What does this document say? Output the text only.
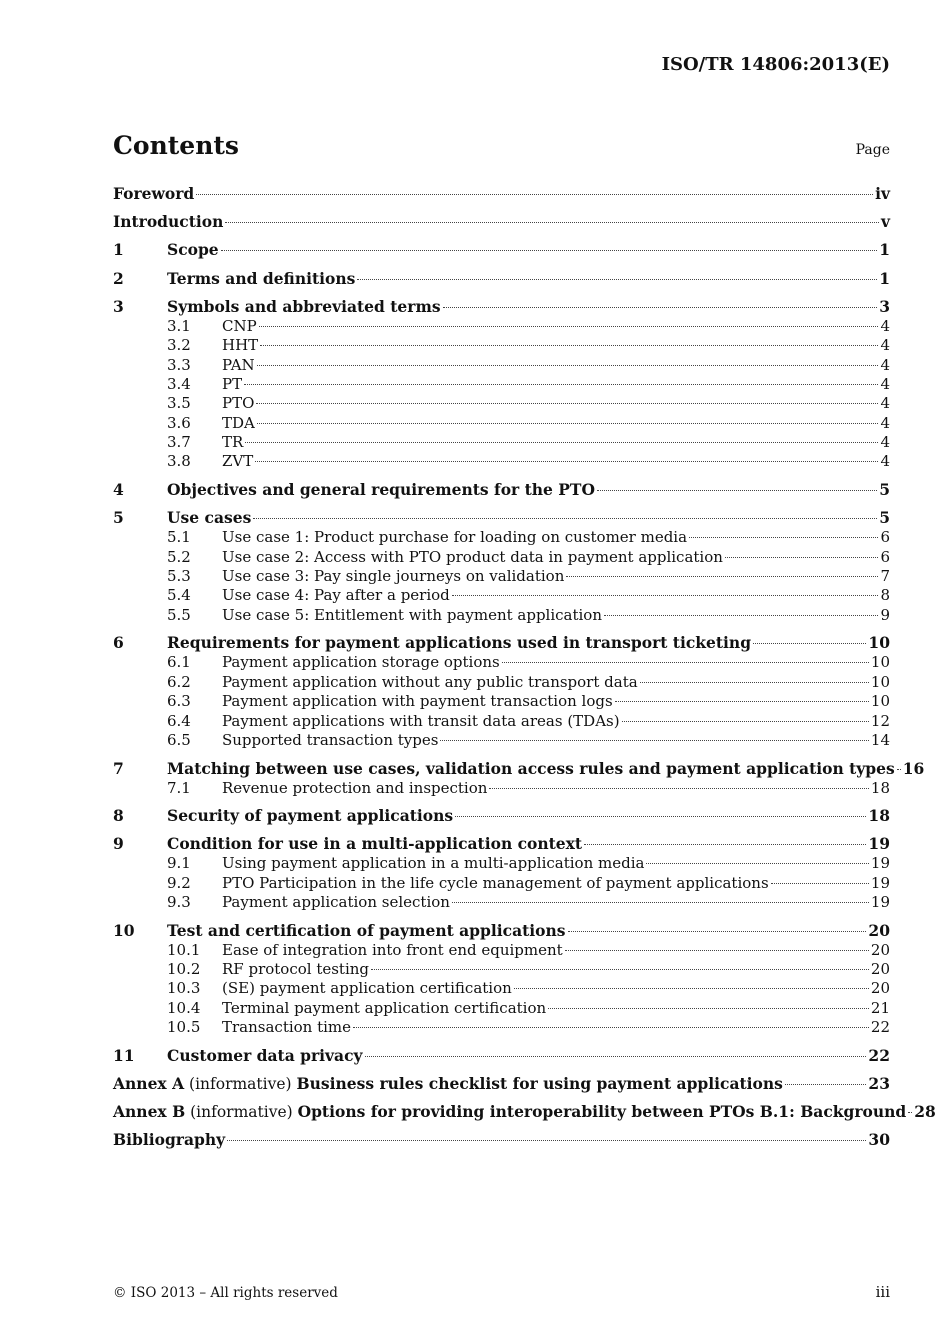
ISO/TR 14806:2013(E)
Contents	Page
Foreword	iv
Introduction	v
1	Scope	1
2	Terms and definitions	1
3	Symbols and abbreviated terms	3
3.1	CNP	4
3.2	HHT	4
3.3	PAN	4
3.4	PT	4
3.5	PTO	4
3.6	TDA	4
3.7	TR	4
3.8	ZVT	4
4	Objectives and general requirements for the PTO	5
5	Use cases	5
5.1	Use case 1: Product purchase for loading on customer media	6
5.2	Use case 2: Access with PTO product data in payment application	6
5.3	Use case 3: Pay single journeys on validation	7
5.4	Use case 4: Pay after a period	8
5.5	Use case 5: Entitlement with payment application	9
6	Requirements for payment applications used in transport ticketing	10
6.1	Payment application storage options	10
6.2	Payment application without any public transport data	10
6.3	Payment application with payment transaction logs	10
6.4	Payment applications with transit data areas (TDAs)	12
6.5	Supported transaction types	14
7	Matching between use cases, validation access rules and payment application types 16
7.1	Revenue protection and inspection	18
8	Security of payment applications	18
9	Condition for use in a multi-application context	19
9.1	Using payment application in a multi-application media	19
9.2	PTO Participation in the life cycle management of payment applications	19
9.3	Payment application selection	19
10	Test and certification of payment applications	20
10.1	Ease of integration into front end equipment	20
10.2	RF protocol testing	20
10.3	(SE) payment application certification	20
10.4	Terminal payment application certification	21
10.5	Transaction time	22
11	Customer data privacy	22
Annex A (informative) Business rules checklist for using payment applications	23
Annex B (informative) Options for providing interoperability between PTOs B.1: Background 28
Bibliography	30
© ISO 2013 – All rights reserved	iii
